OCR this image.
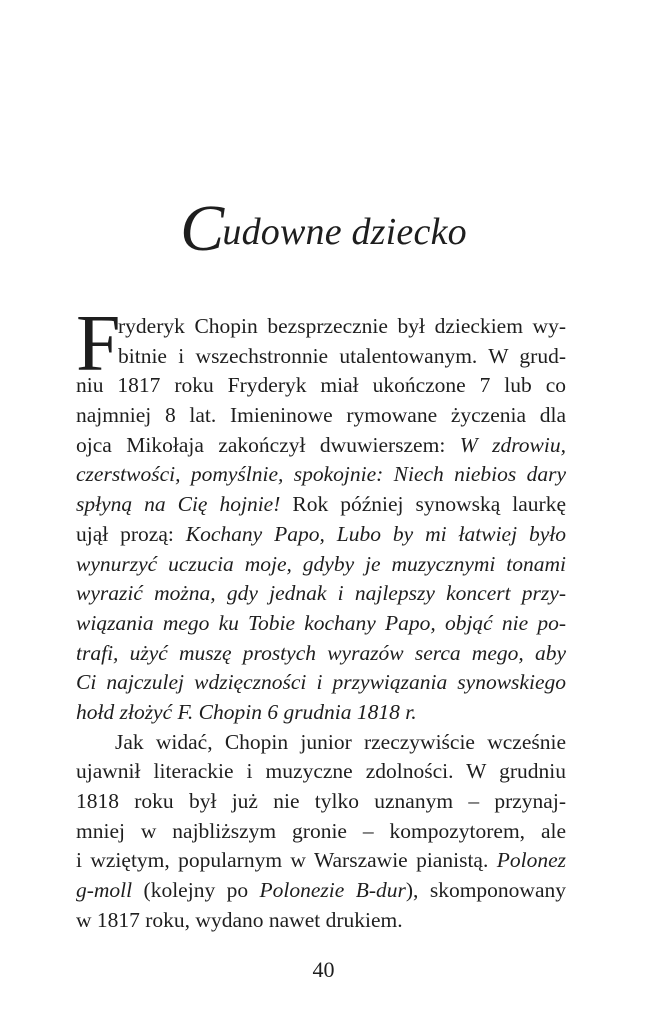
Cudowne dziecko
F
ryderyk Chopin bezsprzecznie był dzieckiem wy-
bitnie i wszechstronnie utalentowanym. W grud-
niu 1817 roku Fryderyk miał ukończone 7 lub co
najmniej 8 lat. Imieninowe rymowane życzenia dla
ojca Mikołaja zakończył dwuwierszem: W zdrowiu,
czerstwości, pomyślnie, spokojnie: Niech niebios dary
spłyną na Cię hojnie! Rok później synowską laurkę
ujął prozą: Kochany Papo, Lubo by mi łatwiej było
wynurzyć uczucia moje, gdyby je muzycznymi tonami
wyrazić można, gdy jednak i najlepszy koncert przy-
wiązania mego ku Tobie kochany Papo, objąć nie po-
trafi, użyć muszę prostych wyrazów serca mego, aby
Ci najczulej wdzięczności i przywiązania synowskiego
hołd złożyć F. Chopin 6 grudnia 1818 r.
Jak widać, Chopin junior rzeczywiście wcześnie
ujawnił literackie i muzyczne zdolności. W grudniu
1818 roku był już nie tylko uznanym – przynaj-
mniej w najbliższym gronie – kompozytorem, ale
i wziętym, popularnym w Warszawie pianistą. Polonez
g-moll (kolejny po Polonezie B-dur), skomponowany
w 1817 roku, wydano nawet drukiem.
40
